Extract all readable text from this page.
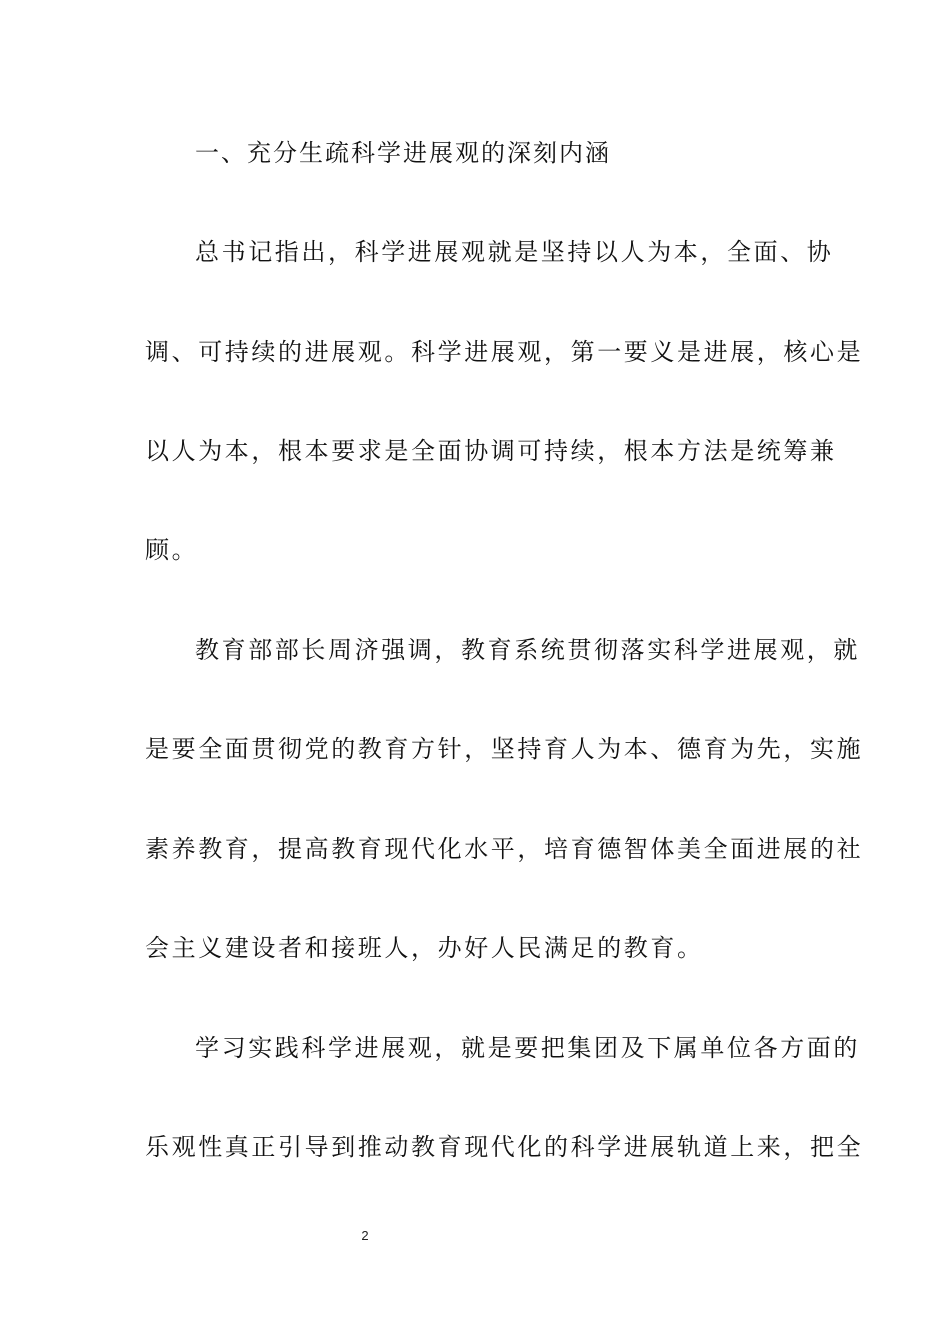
一、充分生疏科学进展观的深刻内涵
总书记指出，科学进展观就是坚持以人为本，全面、协
调、可持续的进展观。科学进展观，第一要义是进展，核心是
以人为本，根本要求是全面协调可持续，根本方法是统筹兼
顾。
教育部部长周济强调，教育系统贯彻落实科学进展观，就
是要全面贯彻党的教育方针，坚持育人为本、德育为先，实施
素养教育，提高教育现代化水平，培育德智体美全面进展的社
会主义建设者和接班人，办好人民满足的教育。
学习实践科学进展观，就是要把集团及下属单位各方面的
乐观性真正引导到推动教育现代化的科学进展轨道上来，把全
2
